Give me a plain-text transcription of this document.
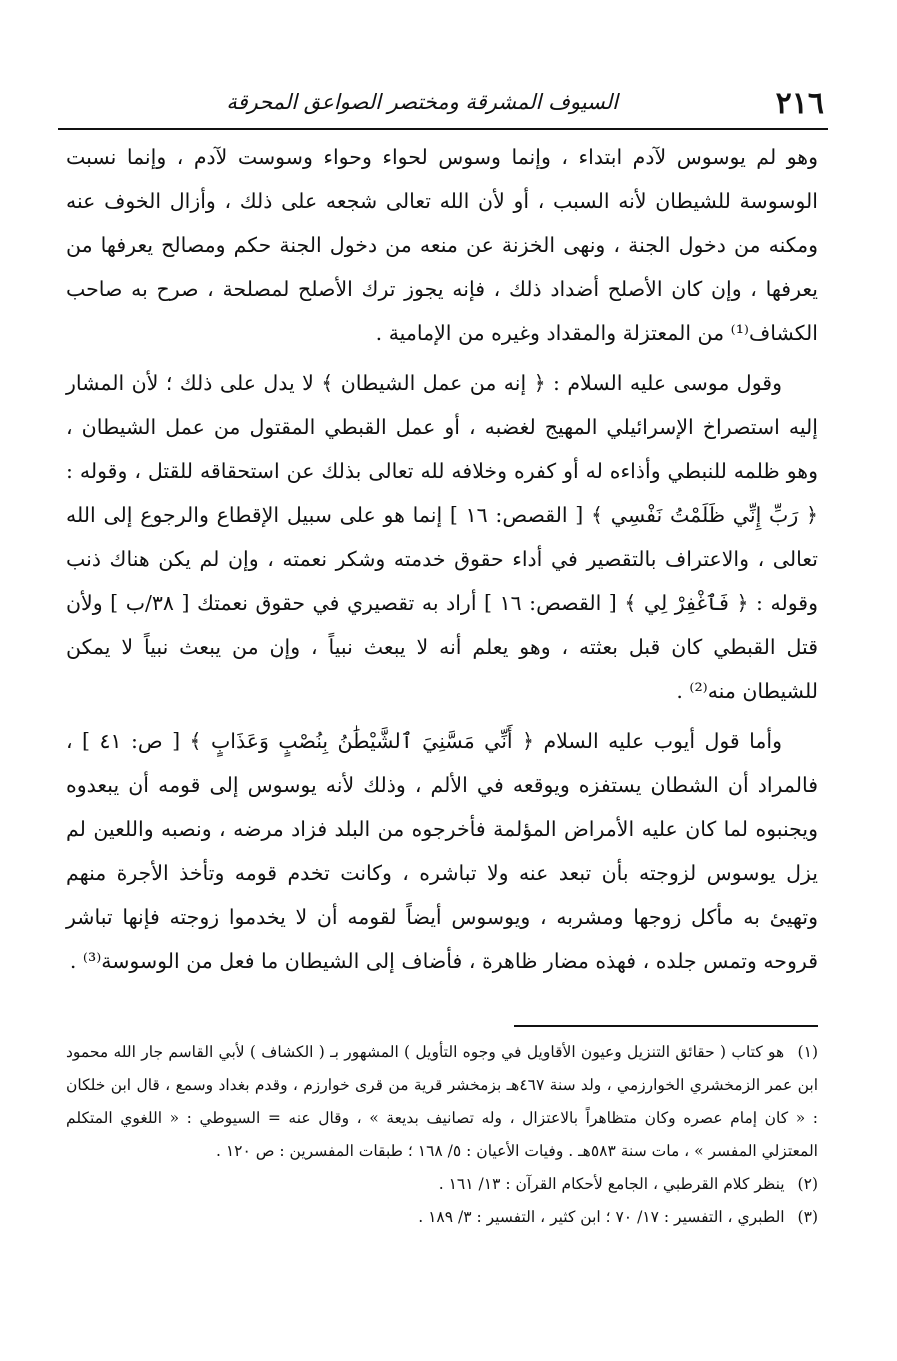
٢١٦
السيوف المشرقة ومختصر الصواعق المحرقة

وهو لم يوسوس لآدم ابتداء ، وإنما وسوس لحواء وحواء وسوست لآدم ، وإنما نسبت الوسوسة للشيطان لأنه السبب ، أو لأن الله تعالى شجعه على ذلك ، وأزال الخوف عنه ومكنه من دخول الجنة ، ونهى الخزنة عن منعه من دخول الجنة حكم ومصالح يعرفها من يعرفها ، وإن كان الأصلح أضداد ذلك ، فإنه يجوز ترك الأصلح لمصلحة ، صرح به صاحب الكشاف⁽¹⁾ من المعتزلة والمقداد وغيره من الإمامية .

وقول موسى عليه السلام : ﴿ إنه من عمل الشيطان ﴾ لا يدل على ذلك ؛ لأن المشار إليه استصراخ الإسرائيلي المهيج لغضبه ، أو عمل القبطي المقتول من عمل الشيطان ، وهو ظلمه للنبطي وأذاءه له أو كفره وخلافه لله تعالى بذلك عن استحقاقه للقتل ، وقوله : ﴿ رَبِّ إِنِّي ظَلَمْتُ نَفْسِي ﴾ [ القصص: ١٦ ] إنما هو على سبيل الإقطاع والرجوع إلى الله تعالى ، والاعتراف بالتقصير في أداء حقوق خدمته وشكر نعمته ، وإن لم يكن هناك ذنب وقوله : ﴿ فَٱغْفِرْ لِي ﴾ [ القصص: ١٦ ] أراد به تقصيري في حقوق نعمتك [ ٣٨/ب ] ولأن قتل القبطي كان قبل بعثته ، وهو يعلم أنه لا يبعث نبياً ، وإن من يبعث نبياً لا يمكن للشيطان منه⁽²⁾ .

وأما قول أيوب عليه السلام ﴿ أَنِّي مَسَّنِيَ ٱلشَّيْطَٰنُ بِنُصْبٍ وَعَذَابٍ ﴾ [ ص: ٤١ ] ، فالمراد أن الشطان يستفزه ويوقعه في الألم ، وذلك لأنه يوسوس إلى قومه أن يبعدوه ويجنبوه لما كان عليه الأمراض المؤلمة فأخرجوه من البلد فزاد مرضه ، ونصبه واللعين لم يزل يوسوس لزوجته بأن تبعد عنه ولا تباشره ، وكانت تخدم قومه وتأخذ الأجرة منهم وتهيئ به مأكل زوجها ومشربه ، ويوسوس أيضاً لقومه أن لا يخدموا زوجته فإنها تباشر قروحه وتمس جلده ، فهذه مضار ظاهرة ، فأضاف إلى الشيطان ما فعل من الوسوسة⁽³⁾ .

(١) هو كتاب ( حقائق التنزيل وعيون الأقاويل في وجوه التأويل ) المشهور بـ ( الكشاف ) لأبي القاسم جار الله محمود ابن عمر الزمخشري الخوارزمي ، ولد سنة ٤٦٧هـ بزمخشر قرية من قرى خوارزم ، وقدم بغداد وسمع ، قال ابن خلكان : « كان إمام عصره وكان متظاهراً بالاعتزال ، وله تصانيف بديعة » ، وقال عنه = السيوطي : « اللغوي المتكلم المعتزلي المفسر » ، مات سنة ٥٨٣هـ . وفيات الأعيان : ٥/ ١٦٨ ؛ طبقات المفسرين : ص ١٢٠ .

(٢) ينظر كلام القرطبي ، الجامع لأحكام القرآن : ١٣/ ١٦١ .

(٣) الطبري ، التفسير : ١٧/ ٧٠ ؛ ابن كثير ، التفسير : ٣/ ١٨٩ .
